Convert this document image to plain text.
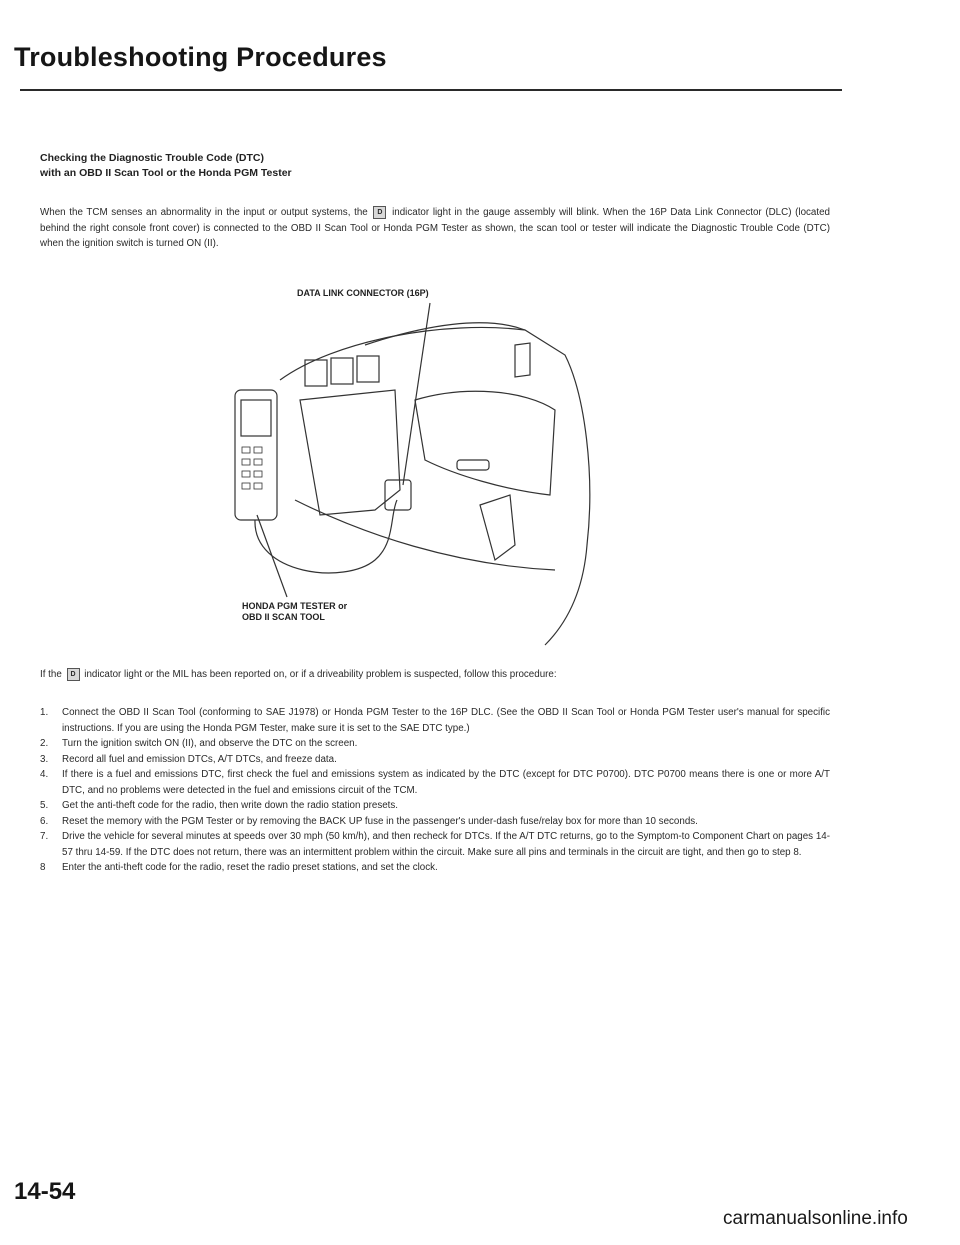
Troubleshooting Procedures
Checking the Diagnostic Trouble Code (DTC)
with an OBD II Scan Tool or the Honda PGM Tester
When the TCM senses an abnormality in the input or output systems, the D indicator light in the gauge assembly will blink. When the 16P Data Link Connector (DLC) (located behind the right console front cover) is connected to the OBD II Scan Tool or Honda PGM Tester as shown, the scan tool or tester will indicate the Diagnostic Trouble Code (DTC) when the ignition switch is turned ON (II).
DATA LINK CONNECTOR (16P)
HONDA PGM TESTER or
OBD II SCAN TOOL
If the D indicator light or the MIL has been reported on, or if a driveability problem is suspected, follow this procedure:
1. Connect the OBD II Scan Tool (conforming to SAE J1978) or Honda PGM Tester to the 16P DLC. (See the OBD II Scan Tool or Honda PGM Tester user's manual for specific instructions. If you are using the Honda PGM Tester, make sure it is set to the SAE DTC type.)
2. Turn the ignition switch ON (II), and observe the DTC on the screen.
3. Record all fuel and emission DTCs, A/T DTCs, and freeze data.
4. If there is a fuel and emissions DTC, first check the fuel and emissions system as indicated by the DTC (except for DTC P0700). DTC P0700 means there is one or more A/T DTC, and no problems were detected in the fuel and emissions circuit of the TCM.
5. Get the anti-theft code for the radio, then write down the radio station presets.
6. Reset the memory with the PGM Tester or by removing the BACK UP fuse in the passenger's under-dash fuse/relay box for more than 10 seconds.
7. Drive the vehicle for several minutes at speeds over 30 mph (50 km/h), and then recheck for DTCs. If the A/T DTC returns, go to the Symptom-to Component Chart on pages 14-57 thru 14-59. If the DTC does not return, there was an intermittent problem within the circuit. Make sure all pins and terminals in the circuit are tight, and then go to step 8.
8 Enter the anti-theft code for the radio, reset the radio preset stations, and set the clock.
14-54
carmanualsonline.info
